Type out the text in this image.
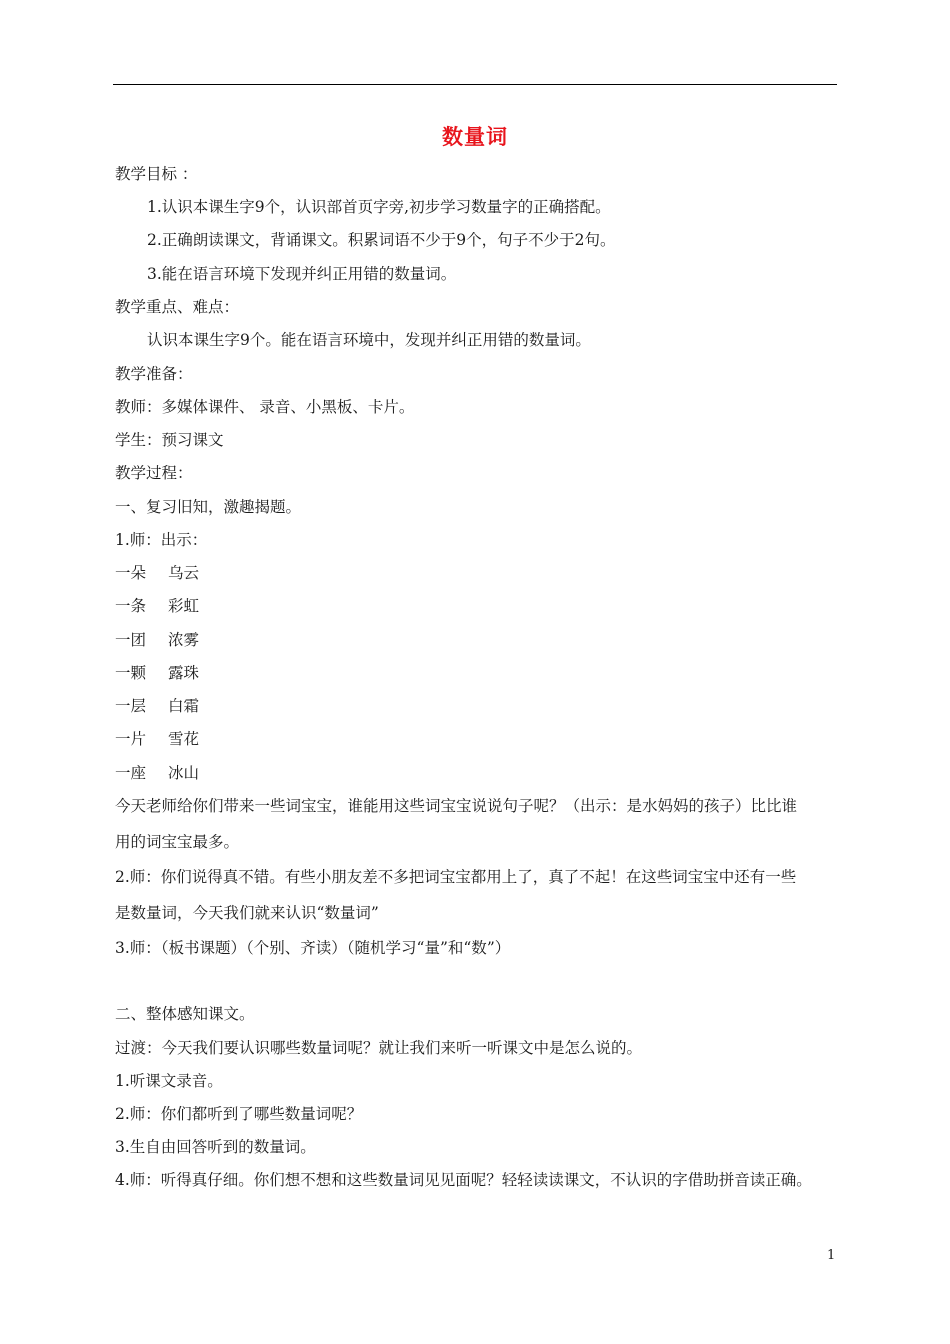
数量词
教学目标 ：
1.认识本课生字9个，认识部首页字旁,初步学习数量字的正确搭配。
2.正确朗读课文，背诵课文。积累词语不少于9个，句子不少于2句。
3.能在语言环境下发现并纠正用错的数量词。
教学重点、难点：
认识本课生字9个。能在语言环境中，发现并纠正用错的数量词。
教学准备：
教师：多媒体课件、 录音、小黑板、卡片。
学生：预习课文
教学过程：
一、复习旧知，激趣揭题。
1.师：出示：
一朵 乌云
一条 彩虹
一团 浓雾
一颗 露珠
一层 白霜
一片 雪花
一座 冰山
今天老师给你们带来一些词宝宝，谁能用这些词宝宝说说句子呢？（出示：是水妈妈的孩子）比比谁
用的词宝宝最多。
2.师：你们说得真不错。有些小朋友差不多把词宝宝都用上了，真了不起！在这些词宝宝中还有一些
是数量词，今天我们就来认识“数量词”
3.师：（板书课题）（个别、齐读）（随机学习“量”和“数”）
二、整体感知课文。
过渡：今天我们要认识哪些数量词呢？就让我们来听一听课文中是怎么说的。
1.听课文录音。
2.师：你们都听到了哪些数量词呢？
3.生自由回答听到的数量词。
4.师：听得真仔细。你们想不想和这些数量词见见面呢？轻轻读读课文，不认识的字借助拼音读正确。
1
